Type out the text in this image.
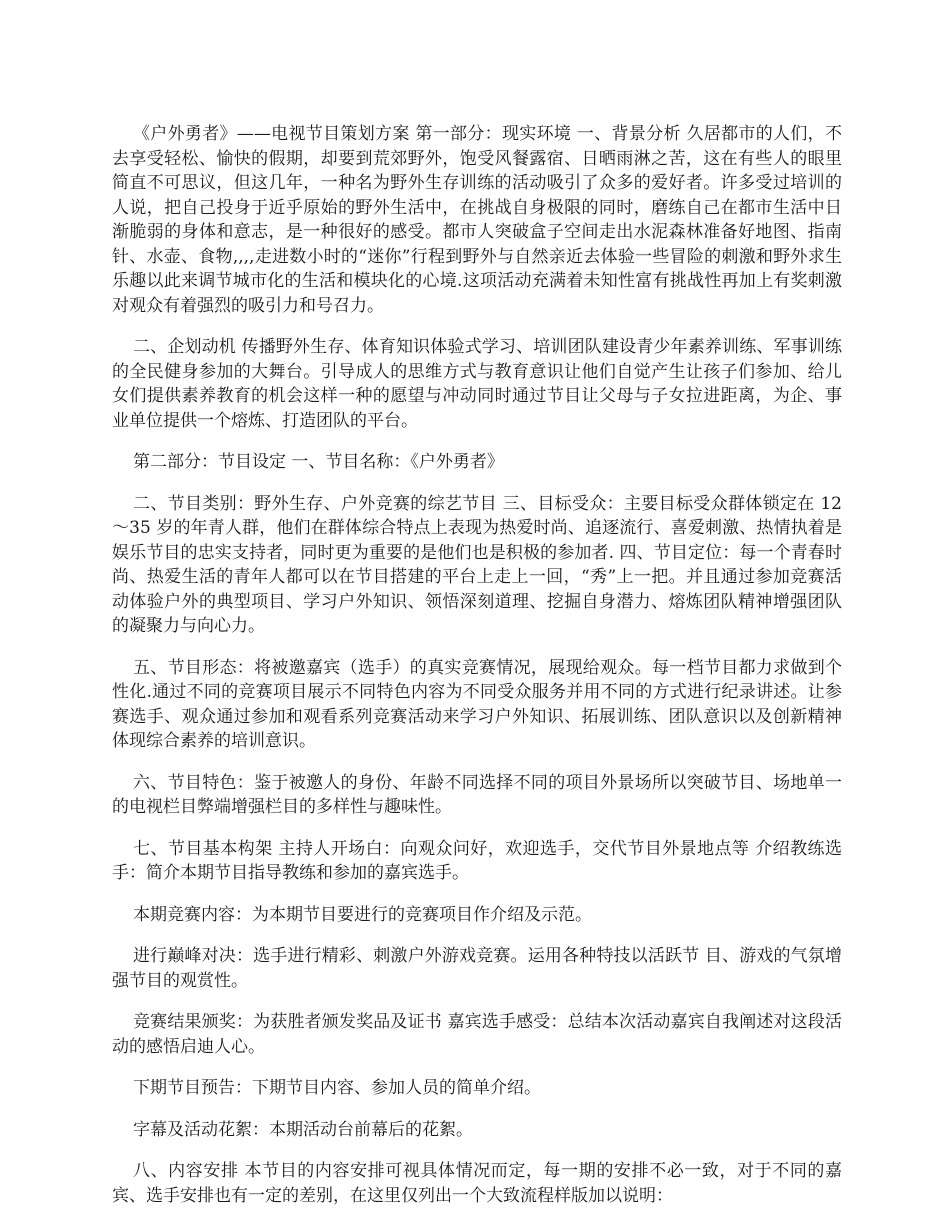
《户外勇者》——电视节目策划方案 第一部分：现实环境 一、背景分析 久居都市的人们，不去享受轻松、愉快的假期，却要到荒郊野外，饱受风餐露宿、日晒雨淋之苦，这在有些人的眼里简直不可思议，但这几年，一种名为野外生存训练的活动吸引了众多的爱好者。许多受过培训的人说，把自己投身于近乎原始的野外生活中，在挑战自身极限的同时，磨练自己在都市生活中日渐脆弱的身体和意志，是一种很好的感受。都市人突破盒子空间走出水泥森林准备好地图、指南针、水壶、食物,,,,走进数小时的“迷你”行程到野外与自然亲近去体验一些冒险的刺激和野外求生乐趣以此来调节城市化的生活和模块化的心境.这项活动充满着未知性富有挑战性再加上有奖刺激对观众有着强烈的吸引力和号召力。

二、企划动机 传播野外生存、体育知识体验式学习、培训团队建设青少年素养训练、军事训练的全民健身参加的大舞台。引导成人的思维方式与教育意识让他们自觉产生让孩子们参加、给儿女们提供素养教育的机会这样一种的愿望与冲动同时通过节目让父母与子女拉进距离，为企、事业单位提供一个熔炼、打造团队的平台。

第二部分：节目设定 一、节目名称：《户外勇者》

二、节目类别：野外生存、户外竞赛的综艺节目 三、目标受众：主要目标受众群体锁定在 12～35 岁的年青人群，他们在群体综合特点上表现为热爱时尚、追逐流行、喜爱刺激、热情执着是娱乐节目的忠实支持者，同时更为重要的是他们也是积极的参加者. 四、节目定位：每一个青春时尚、热爱生活的青年人都可以在节目搭建的平台上走上一回，“秀”上一把。并且通过参加竞赛活动体验户外的典型项目、学习户外知识、领悟深刻道理、挖掘自身潜力、熔炼团队精神增强团队的凝聚力与向心力。

五、节目形态：将被邀嘉宾（选手）的真实竞赛情况，展现给观众。每一档节目都力求做到个性化.通过不同的竞赛项目展示不同特色内容为不同受众服务并用不同的方式进行纪录讲述。让参赛选手、观众通过参加和观看系列竞赛活动来学习户外知识、拓展训练、团队意识以及创新精神体现综合素养的培训意识。

六、节目特色：鉴于被邀人的身份、年龄不同选择不同的项目外景场所以突破节目、场地单一的电视栏目弊端增强栏目的多样性与趣味性。

七、节目基本构架 主持人开场白：向观众问好，欢迎选手，交代节目外景地点等 介绍教练选手：简介本期节目指导教练和参加的嘉宾选手。

本期竞赛内容：为本期节目要进行的竞赛项目作介绍及示范。

进行巅峰对决：选手进行精彩、刺激户外游戏竞赛。运用各种特技以活跃节 目、游戏的气氛增强节目的观赏性。

竞赛结果颁奖：为获胜者颁发奖品及证书 嘉宾选手感受：总结本次活动嘉宾自我阐述对这段活动的感悟启迪人心。

下期节目预告：下期节目内容、参加人员的简单介绍。

字幕及活动花絮：本期活动台前幕后的花絮。

八、内容安排 本节目的内容安排可视具体情况而定，每一期的安排不必一致，对于不同的嘉宾、选手安排也有一定的差别，在这里仅列出一个大致流程样版加以说明：
